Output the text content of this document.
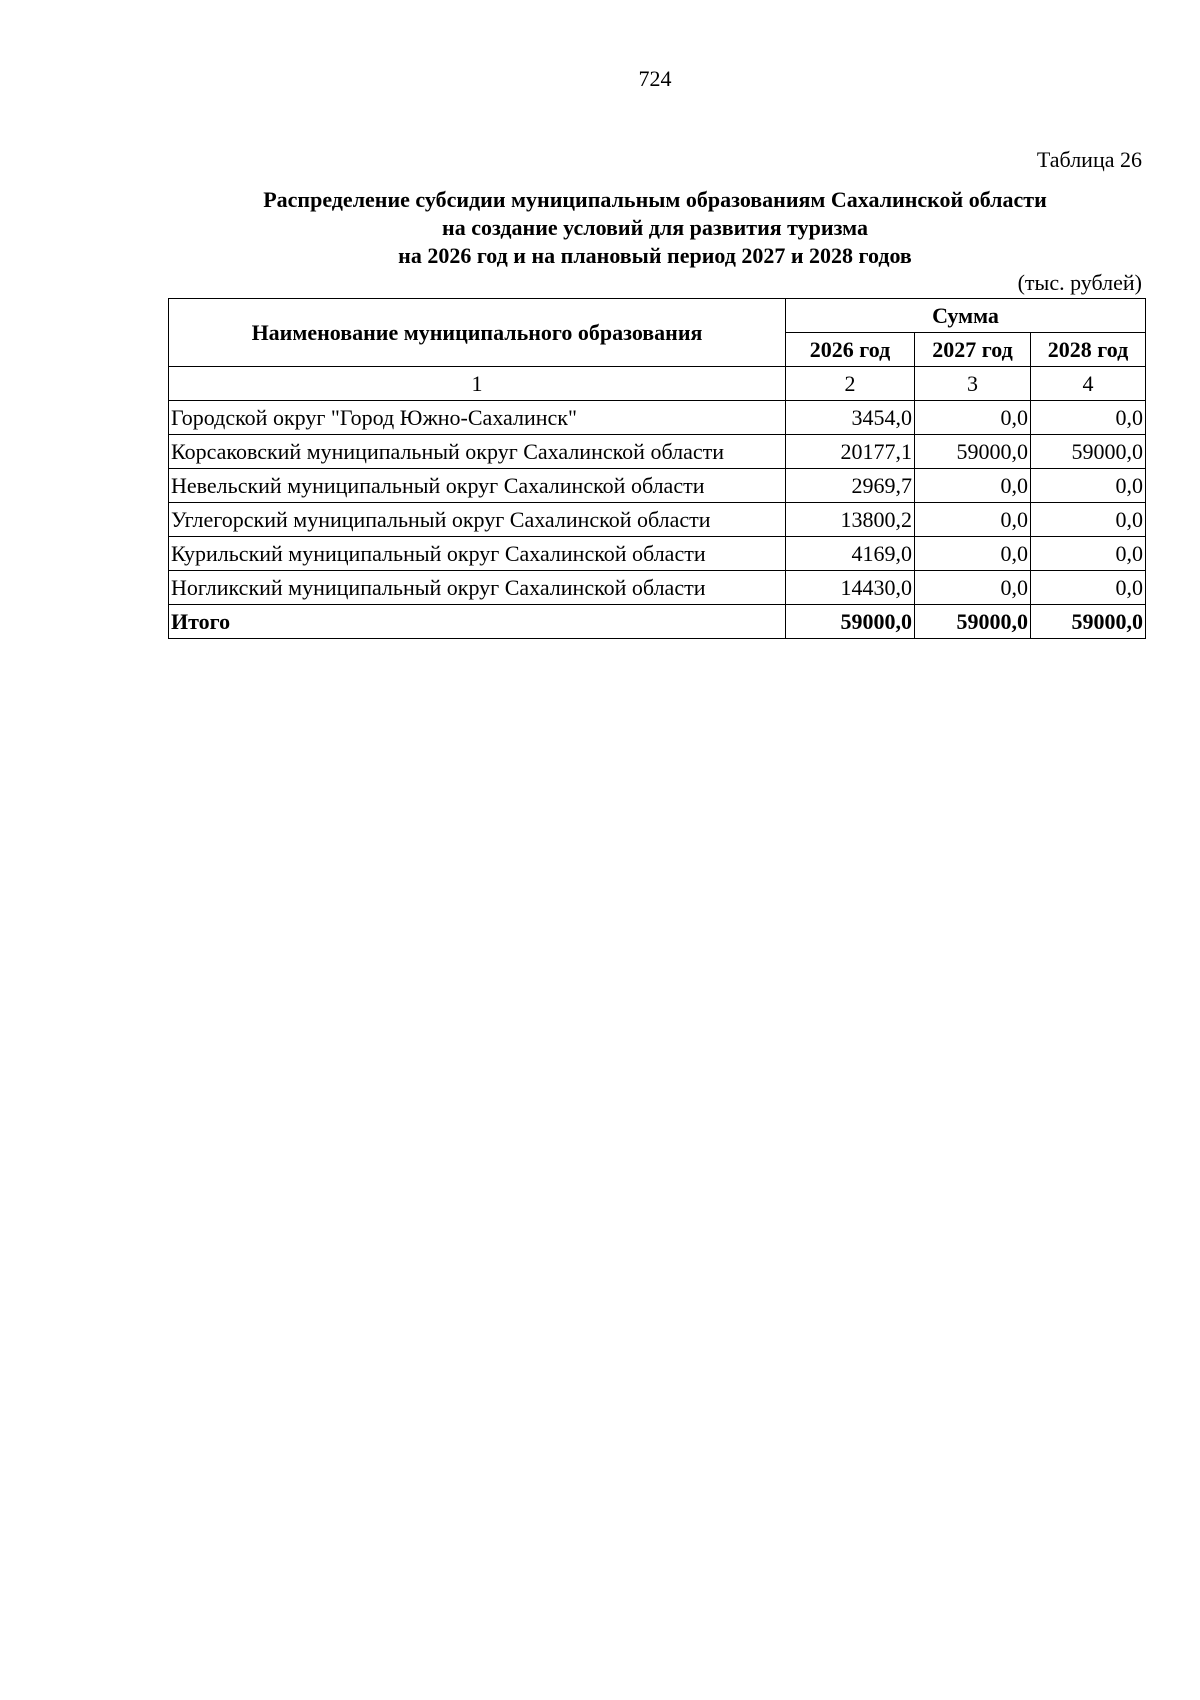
724
Таблица 26
Распределение субсидии муниципальным образованиям Сахалинской области
на создание условий для развития туризма
на 2026 год и на плановый период 2027 и 2028 годов
(тыс. рублей)
Наименование муниципального образования	Сумма		
	2026 год	2027 год	2028 год
1	2	3	4
Городской округ "Город Южно-Сахалинск"	3454,0	0,0	0,0
Корсаковский муниципальный округ Сахалинской области	20177,1	59000,0	59000,0
Невельский муниципальный округ Сахалинской области	2969,7	0,0	0,0
Углегорский муниципальный округ Сахалинской области	13800,2	0,0	0,0
Курильский муниципальный округ Сахалинской области	4169,0	0,0	0,0
Ногликский муниципальный округ Сахалинской области	14430,0	0,0	0,0
Итого	59000,0	59000,0	59000,0
